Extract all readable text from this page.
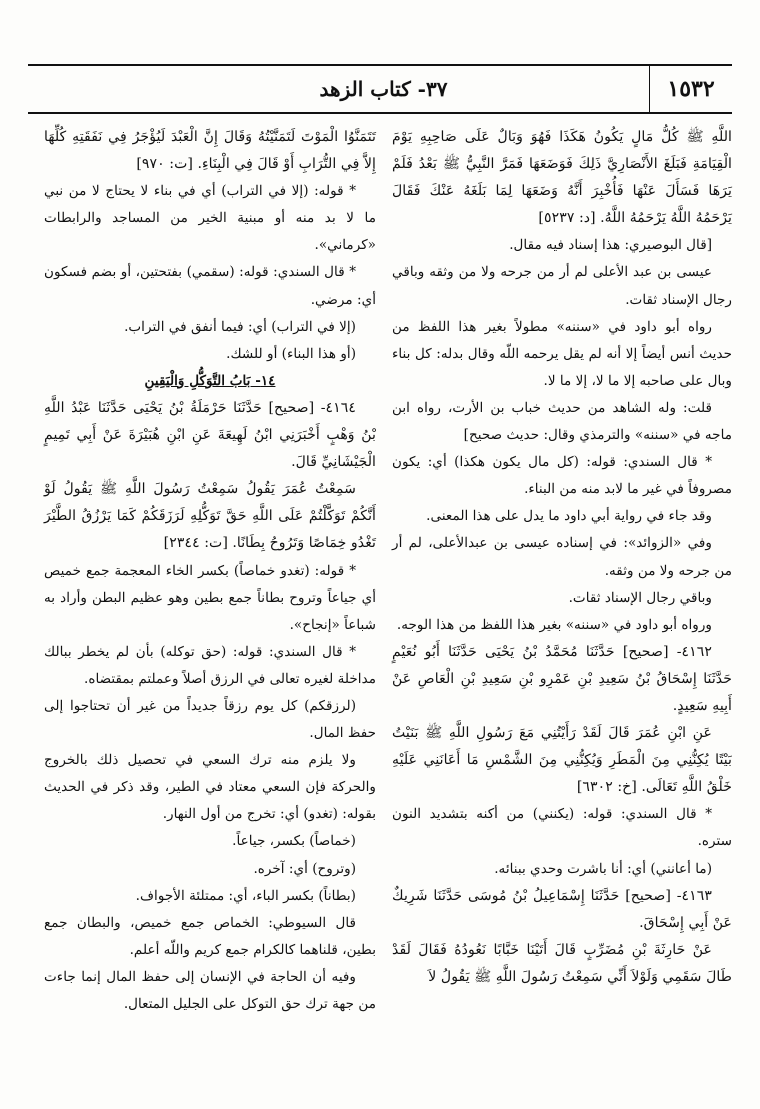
١٥٣٢
٣٧- كتاب الزهد

اللَّهِ ﷺ كُلُّ مَالٍ يَكُونُ هَكَذَا فَهُوَ وَبَالٌ عَلَى صَاحِبِهِ يَوْمَ الْقِيَامَةِ فَبَلَغَ الأَنْصَارِيَّ ذَلِكَ فَوَضَعَهَا فَمَرَّ النَّبِيُّ ﷺ بَعْدُ فَلَمْ يَرَهَا فَسَأَلَ عَنْهَا فَأُخْبِرَ أَنَّهُ وَضَعَهَا لِمَا بَلَغَهُ عَنْكَ فَقَالَ يَرْحَمُهُ اللَّهُ يَرْحَمُهُ اللَّهُ. [د: ٥٢٣٧]

[قال البوصيري: هذا إسناد فيه مقال.

عيسى بن عبد الأعلى لم أر من جرحه ولا من وثقه وباقي رجال الإسناد ثقات.

رواه أبو داود في «سننه» مطولاً بغير هذا اللفظ من حديث أنس أيضاً إلا أنه لم يقل يرحمه اللّه وقال بدله: كل بناء وبال على صاحبه إلا ما لا، إلا ما لا.

قلت: وله الشاهد من حديث خباب بن الأرت، رواه ابن ماجه في «سننه» والترمذي وقال: حديث صحيح]

* قال السندي: قوله: (كل مال يكون هكذا) أي: يكون مصروفاً في غير ما لابد منه من البناء.

وقد جاء في رواية أبي داود ما يدل على هذا المعنى.

وفي «الزوائد»: في إسناده عيسى بن عبدالأعلى، لم أر من جرحه ولا من وثقه.

وباقي رجال الإسناد ثقات.

ورواه أبو داود في «سننه» بغير هذا اللفظ من هذا الوجه.

٤١٦٢- [صحيح] حَدَّثَنَا مُحَمَّدُ بْنُ يَحْيَى حَدَّثَنَا أَبُو نُعَيْمٍ حَدَّثَنَا إِسْحَاقُ بْنُ سَعِيدِ بْنِ عَمْرِو بْنِ سَعِيدِ بْنِ الْعَاصِ عَنْ أَبِيهِ سَعِيدٍ.

عَنِ ابْنِ عُمَرَ قَالَ لَقَدْ رَأَيْتُنِي مَعَ رَسُولِ اللَّهِ ﷺ بَنَيْتُ بَيْتًا يُكِنُّنِي مِنَ الْمَطَرِ وَيُكِنُّنِي مِنَ الشَّمْسِ مَا أَعَانَنِي عَلَيْهِ خَلْقُ اللَّهِ تَعَالَى. [خ: ٦٣٠٢]

* قال السندي: قوله: (يكنني) من أكنه بتشديد النون ستره.

(ما أعانني) أي: أنا باشرت وحدي ببنائه.

٤١٦٣- [صحيح] حَدَّثَنَا إِسْمَاعِيلُ بْنُ مُوسَى حَدَّثَنَا شَرِيكٌ عَنْ أَبِي إِسْحَاقَ.

عَنْ حَارِثَةَ بْنِ مُضَرِّبٍ قَالَ أَتَيْنَا خَبَّابًا نَعُودُهُ فَقَالَ لَقَدْ طَالَ سَقَمِي وَلَوْلاَ أَنِّي سَمِعْتُ رَسُولَ اللَّهِ ﷺ يَقُولُ لاَ

تَتَمَنَّوُا الْمَوْتَ لَتَمَنَّيْتُهُ وَقَالَ إِنَّ الْعَبْدَ لَيُؤْجَرُ فِي نَفَقَتِهِ كُلِّهَا إِلاَّ فِي التُّرَابِ أَوْ قَالَ فِي الْبِنَاءِ. [ت: ٩٧٠]

* قوله: (إلا في التراب) أي في بناء لا يحتاج لا من نبي ما لا بد منه أو مبنية الخير من المساجد والرابطات «كرماني».

* قال السندي: قوله: (سقمي) بفتحتين، أو بضم فسكون أي: مرضي.

(إلا في التراب) أي: فيما أنفق في التراب.

(أو هذا البناء) أو للشك.

١٤- بَابُ التَّوَكُّلِ وَالْيَقِينِ

٤١٦٤- [صحيح] حَدَّثَنَا حَرْمَلَةُ بْنُ يَحْيَى حَدَّثَنَا عَبْدُ اللَّهِ بْنُ وَهْبٍ أَخْبَرَنِي ابْنُ لَهِيعَةَ عَنِ ابْنِ هُبَيْرَةَ عَنْ أَبِي تَمِيمٍ الْجَيْشَانِيِّ قَالَ.

سَمِعْتُ عُمَرَ يَقُولُ سَمِعْتُ رَسُولَ اللَّهِ ﷺ يَقُولُ لَوْ أَنَّكُمْ تَوَكَّلْتُمْ عَلَى اللَّهِ حَقَّ تَوَكُّلِهِ لَرَزَقَكُمْ كَمَا يَرْزُقُ الطَّيْرَ تَغْدُو خِمَاصًا وَتَرُوحُ بِطَانًا. [ت: ٢٣٤٤]

* قوله: (تغدو خماصاً) بكسر الخاء المعجمة جمع خميص أي جياعاً وتروح بطاناً جمع بطين وهو عظيم البطن وأراد به شباعاً «إنجاح».

* قال السندي: قوله: (حق توكله) بأن لم يخطر ببالك مداخلة لغيره تعالى في الرزق أصلاً وعملتم بمقتضاه.

(لرزقكم) كل يوم رزقاً جديداً من غير أن تحتاجوا إلى حفظ المال.

ولا يلزم منه ترك السعي في تحصيل ذلك بالخروج والحركة فإن السعي معتاد في الطير، وقد ذكر في الحديث بقوله: (تغدو) أي: تخرج من أول النهار.

(خماصاً) بكسر، جياعاً.

(وتروح) أي: آخره.

(بطاناً) بكسر الباء، أي: ممتلئة الأجواف.

قال السيوطي: الخماص جمع خميص، والبطان جمع بطين، قلناهما كالكرام جمع كريم واللّه أعلم.

وفيه أن الحاجة في الإنسان إلى حفظ المال إنما جاءت من جهة ترك حق التوكل على الجليل المتعال.
